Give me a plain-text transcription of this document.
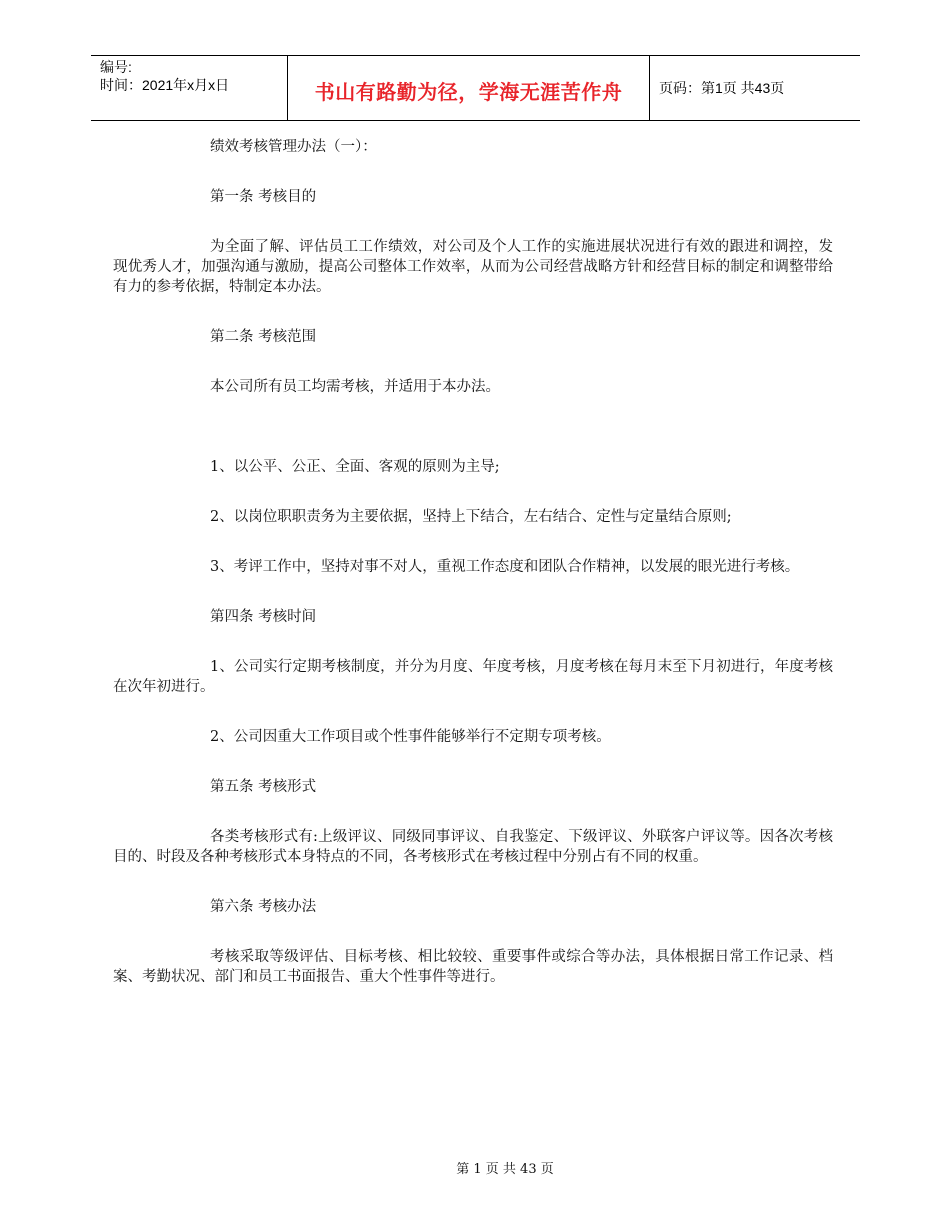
编号:
时间：2021年x月x日	书山有路勤为径，学海无涯苦作舟	页码：第1页 共43页

绩效考核管理办法（一）：

第一条 考核目的

为全面了解、评估员工工作绩效，对公司及个人工作的实施进展状况进行有效的跟进和调控，发现优秀人才，加强沟通与激励，提高公司整体工作效率，从而为公司经营战略方针和经营目标的制定和调整带给有力的参考依据，特制定本办法。

第二条 考核范围

本公司所有员工均需考核，并适用于本办法。

1、以公平、公正、全面、客观的原则为主导;

2、以岗位职职责务为主要依据，坚持上下结合，左右结合、定性与定量结合原则;

3、考评工作中，坚持对事不对人，重视工作态度和团队合作精神，以发展的眼光进行考核。

第四条 考核时间

1、公司实行定期考核制度，并分为月度、年度考核，月度考核在每月末至下月初进行，年度考核在次年初进行。

2、公司因重大工作项目或个性事件能够举行不定期专项考核。

第五条 考核形式

各类考核形式有:上级评议、同级同事评议、自我鉴定、下级评议、外联客户评议等。因各次考核目的、时段及各种考核形式本身特点的不同，各考核形式在考核过程中分别占有不同的权重。

第六条 考核办法

考核采取等级评估、目标考核、相比较较、重要事件或综合等办法，具体根据日常工作记录、档案、考勤状况、部门和员工书面报告、重大个性事件等进行。

第 1 页 共 43 页
